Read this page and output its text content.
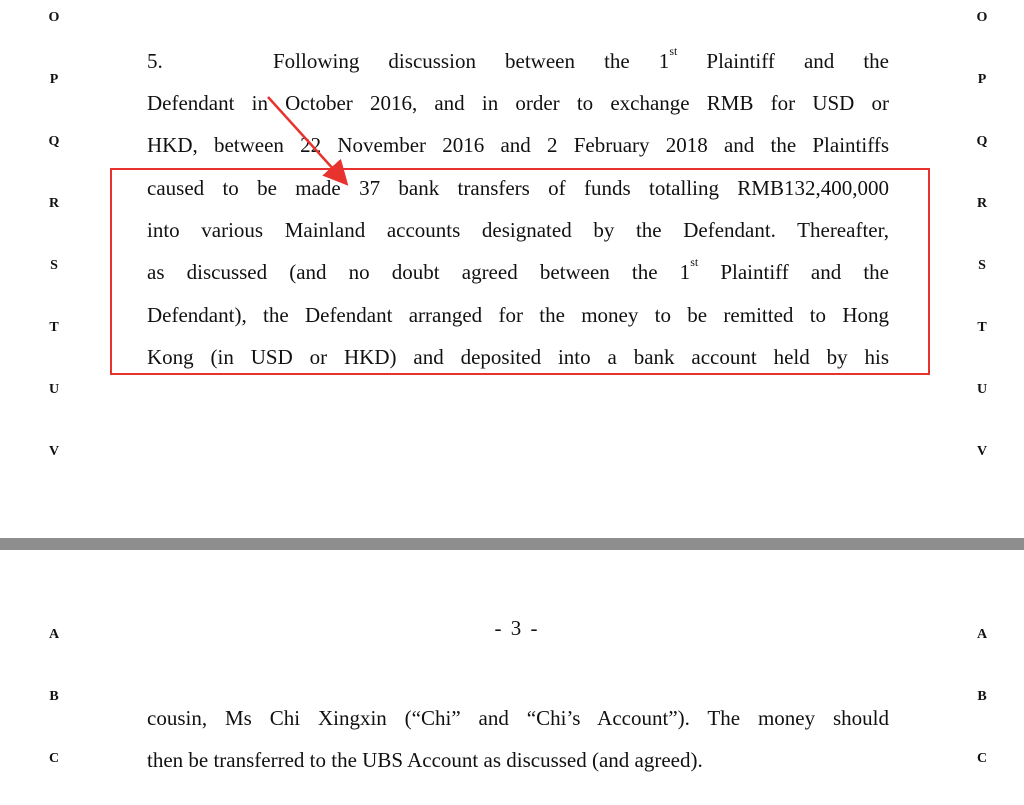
O
P
Q
R
S
T
U
V
O
P
Q
R
S
T
U
V
5.	Following discussion between the 1st Plaintiff and the
Defendant in October 2016, and in order to exchange RMB for USD or
HKD, between 22 November 2016 and 2 February 2018 and the Plaintiffs
caused to be made 37 bank transfers of funds totalling RMB132,400,000
into various Mainland accounts designated by the Defendant. Thereafter,
as discussed (and no doubt agreed between the 1st Plaintiff and the
Defendant), the Defendant arranged for the money to be remitted to Hong
Kong (in USD or HKD) and deposited into a bank account held by his
- 3 -
A
B
C
A
B
C
cousin, Ms Chi Xingxin (“Chi” and “Chi’s Account”). The money should
then be transferred to the UBS Account as discussed (and agreed).
